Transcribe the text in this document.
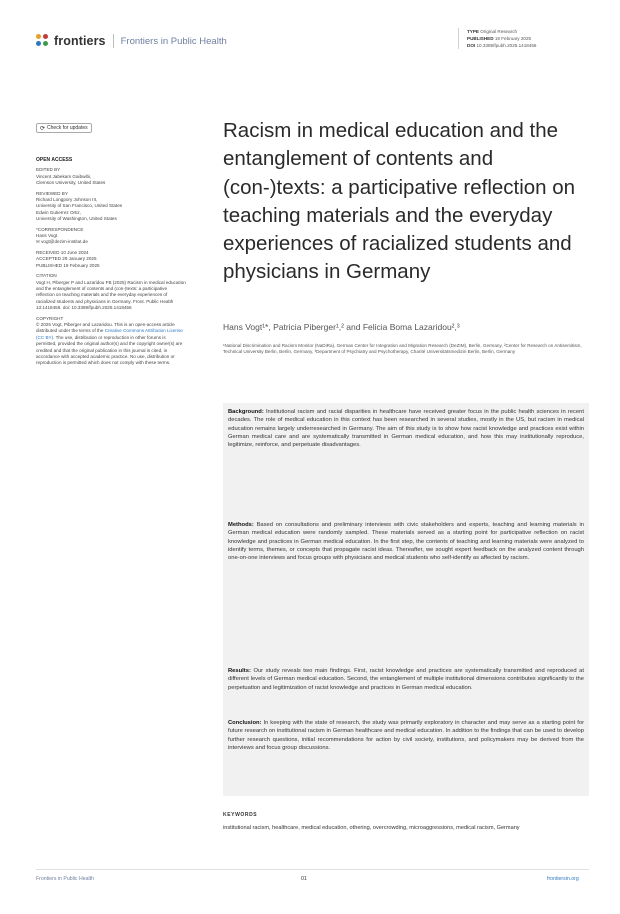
frontiers Frontiers in Public Health
TYPE Original Research
PUBLISHED 19 February 2025
DOI 10.3389/fpubh.2025.1418456
⟳ Check for updates
OPEN ACCESS
EDITED BY
Vincent Jabekam Gaibwibi,
Clemson University, United States
REVIEWED BY
Richard Longpory Johnson III,
University of San Francisco, United States
Edwin Gutierrez Ortiz,
University of Washington, United States
*CORRESPONDENCE
Hans Vogt
✉ vogt@dezim-institut.de
RECEIVED 10 June 2024
ACCEPTED 29 January 2025
PUBLISHED 19 February 2025
CITATION
Vogt H, Piberger P and Lazaridou FB (2025) Racism in medical education and the entanglement of contents and (con-)texts: a participative reflection on teaching materials and the everyday experiences of racialized students and physicians in Germany. Front. Public Health 13:1418456. doi: 10.3389/fpubh.2025.1418456
COPYRIGHT
© 2025 Vogt, Piberger and Lazaridou. This is an open-access article distributed under the terms of the Creative Commons Attribution License (CC BY). The use, distribution or reproduction in other forums is permitted, provided the original author(s) and the copyright owner(s) are credited and that the original publication in this journal is cited, in accordance with accepted academic practice. No use, distribution or reproduction is permitted which does not comply with these terms.
Racism in medical education and the entanglement of contents and (con-)texts: a participative reflection on teaching materials and the everyday experiences of racialized students and physicians in Germany
Hans Vogt¹*, Patricia Piberger¹,² and Felicia Boma Lazaridou²,³
¹National Discrimination and Racism Monitor (NaDiRa), German Center for Integration and Migration Research (DeZIM), Berlin, Germany, ²Center for Research on Antisemitism, Technical University Berlin, Berlin, Germany, ³Department of Psychiatry and Psychotherapy, Charité Universitätsmedizin Berlin, Berlin, Germany

Background: Institutional racism and racial disparities in healthcare have received greater focus in the public health sciences in recent decades. The role of medical education in this context has been researched in several studies, mostly in the US, but racism in medical education remains largely underresearched in Germany. The aim of this study is to show how racist knowledge and practices exist within German medical care and are systematically transmitted in German medical education, and how this may institutionally reproduce, legitimize, reinforce, and perpetuate disadvantages.

Methods: Based on consultations and preliminary interviews with civic stakeholders and experts, teaching and learning materials in German medical education were randomly sampled. These materials served as a starting point for participative reflection on racist knowledge and practices in German medical education. In the first step, the contents of teaching and learning materials were analyzed to identify terms, themes, or concepts that propagate racist ideas. Thereafter, we sought expert feedback on the analyzed content through one-on-one interviews and focus groups with physicians and medical students who self-identify as affected by racism.

Results: Our study reveals two main findings. First, racist knowledge and practices are systematically transmitted and reproduced at different levels of German medical education. Second, the entanglement of multiple institutional dimensions contributes significantly to the perpetuation and legitimization of racist knowledge and practices in German medical education.

Conclusion: In keeping with the state of research, the study was primarily exploratory in character and may serve as a starting point for future research on institutional racism in German healthcare and medical education. In addition to the findings that can be used to develop further research questions, initial recommendations for action by civil society, institutions, and policymakers may be derived from the interviews and focus group discussions.

KEYWORDS
institutional racism, healthcare, medical education, othering, overcrowding, microaggressions, medical racism, Germany
Frontiers in Public Health	01	frontiersin.org
